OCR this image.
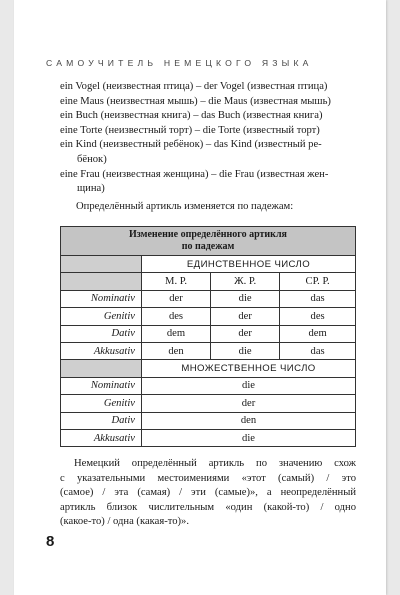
САМОУЧИТЕЛЬ НЕМЕЦКОГО ЯЗЫКА
ein Vogel (неизвестная птица) – der Vogel (известная птица)
eine Maus (неизвестная мышь) – die Maus (известная мышь)
ein Buch (неизвестная книга) – das Buch (известная книга)
eine Torte (неизвестный торт) – die Torte (известный торт)
ein Kind (неизвестный ребёнок) – das Kind (известный ре-
бёнок)
eine Frau (неизвестная женщина) – die Frau (известная жен-
щина)
Определённый артикль изменяется по падежам:
Изменение определённого артикля
по падежам			

	ЕДИНСТВЕННОЕ ЧИСЛО		
	М. Р.	Ж. Р.	СР. Р.
Nominativ	der	die	das
Genitiv	des	der	des
Dativ	dem	der	dem
Akkusativ	den	die	das
	МНОЖЕСТВЕННОЕ ЧИСЛО		
Nominativ	die		
Genitiv	der		
Dativ	den		
Akkusativ	die		
Немецкий определённый артикль по значению схож
с указательными местоимениями «этот (самый) / это
(самое) / эта (самая) / эти (самые)», а неопределённый
артикль близок числительным «один (какой-то) / одно
(какое-то) / одна (какая-то)».
8
